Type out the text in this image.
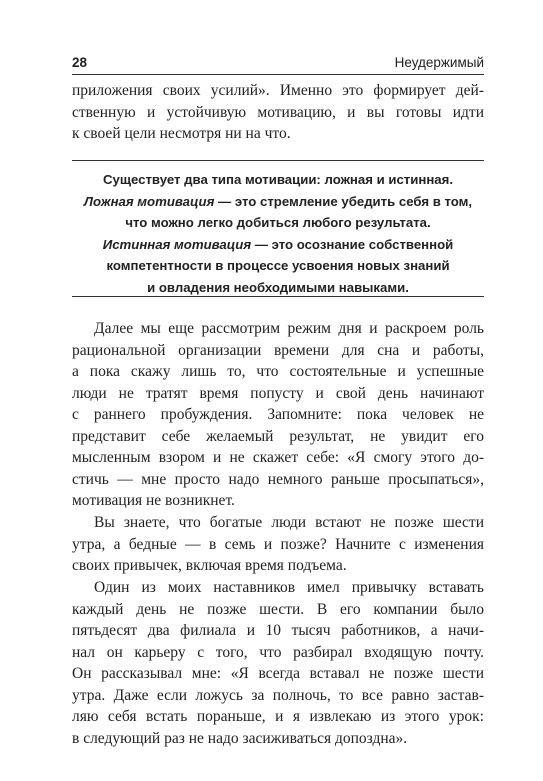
28	Неудержимый

приложения своих усилий». Именно это формирует дей-
ственную и устойчивую мотивацию, и вы готовы идти
к своей цели несмотря ни на что.

Существует два типа мотивации: ложная и истинная.
Ложная мотивация — это стремление убедить себя в том,
что можно легко добиться любого результата.
Истинная мотивация — это осознание собственной
компетентности в процессе усвоения новых знаний
и овладения необходимыми навыками.

Далее мы еще рассмотрим режим дня и раскроем роль
рациональной организации времени для сна и работы,
а пока скажу лишь то, что состоятельные и успешные
люди не тратят время попусту и свой день начинают
с раннего пробуждения. Запомните: пока человек не
представит себе желаемый результат, не увидит его
мысленным взором и не скажет себе: «Я смогу этого до-
стичь — мне просто надо немного раньше просыпаться»,
мотивация не возникнет.

Вы знаете, что богатые люди встают не позже шести
утра, а бедные — в семь и позже? Начните с изменения
своих привычек, включая время подъема.

Один из моих наставников имел привычку вставать
каждый день не позже шести. В его компании было
пятьдесят два филиала и 10 тысяч работников, а начи-
нал он карьеру с того, что разбирал входящую почту.
Он рассказывал мне: «Я всегда вставал не позже шести
утра. Даже если ложусь за полночь, то все равно застав-
ляю себя встать пораньше, и я извлекаю из этого урок:
в следующий раз не надо засиживаться допоздна».
